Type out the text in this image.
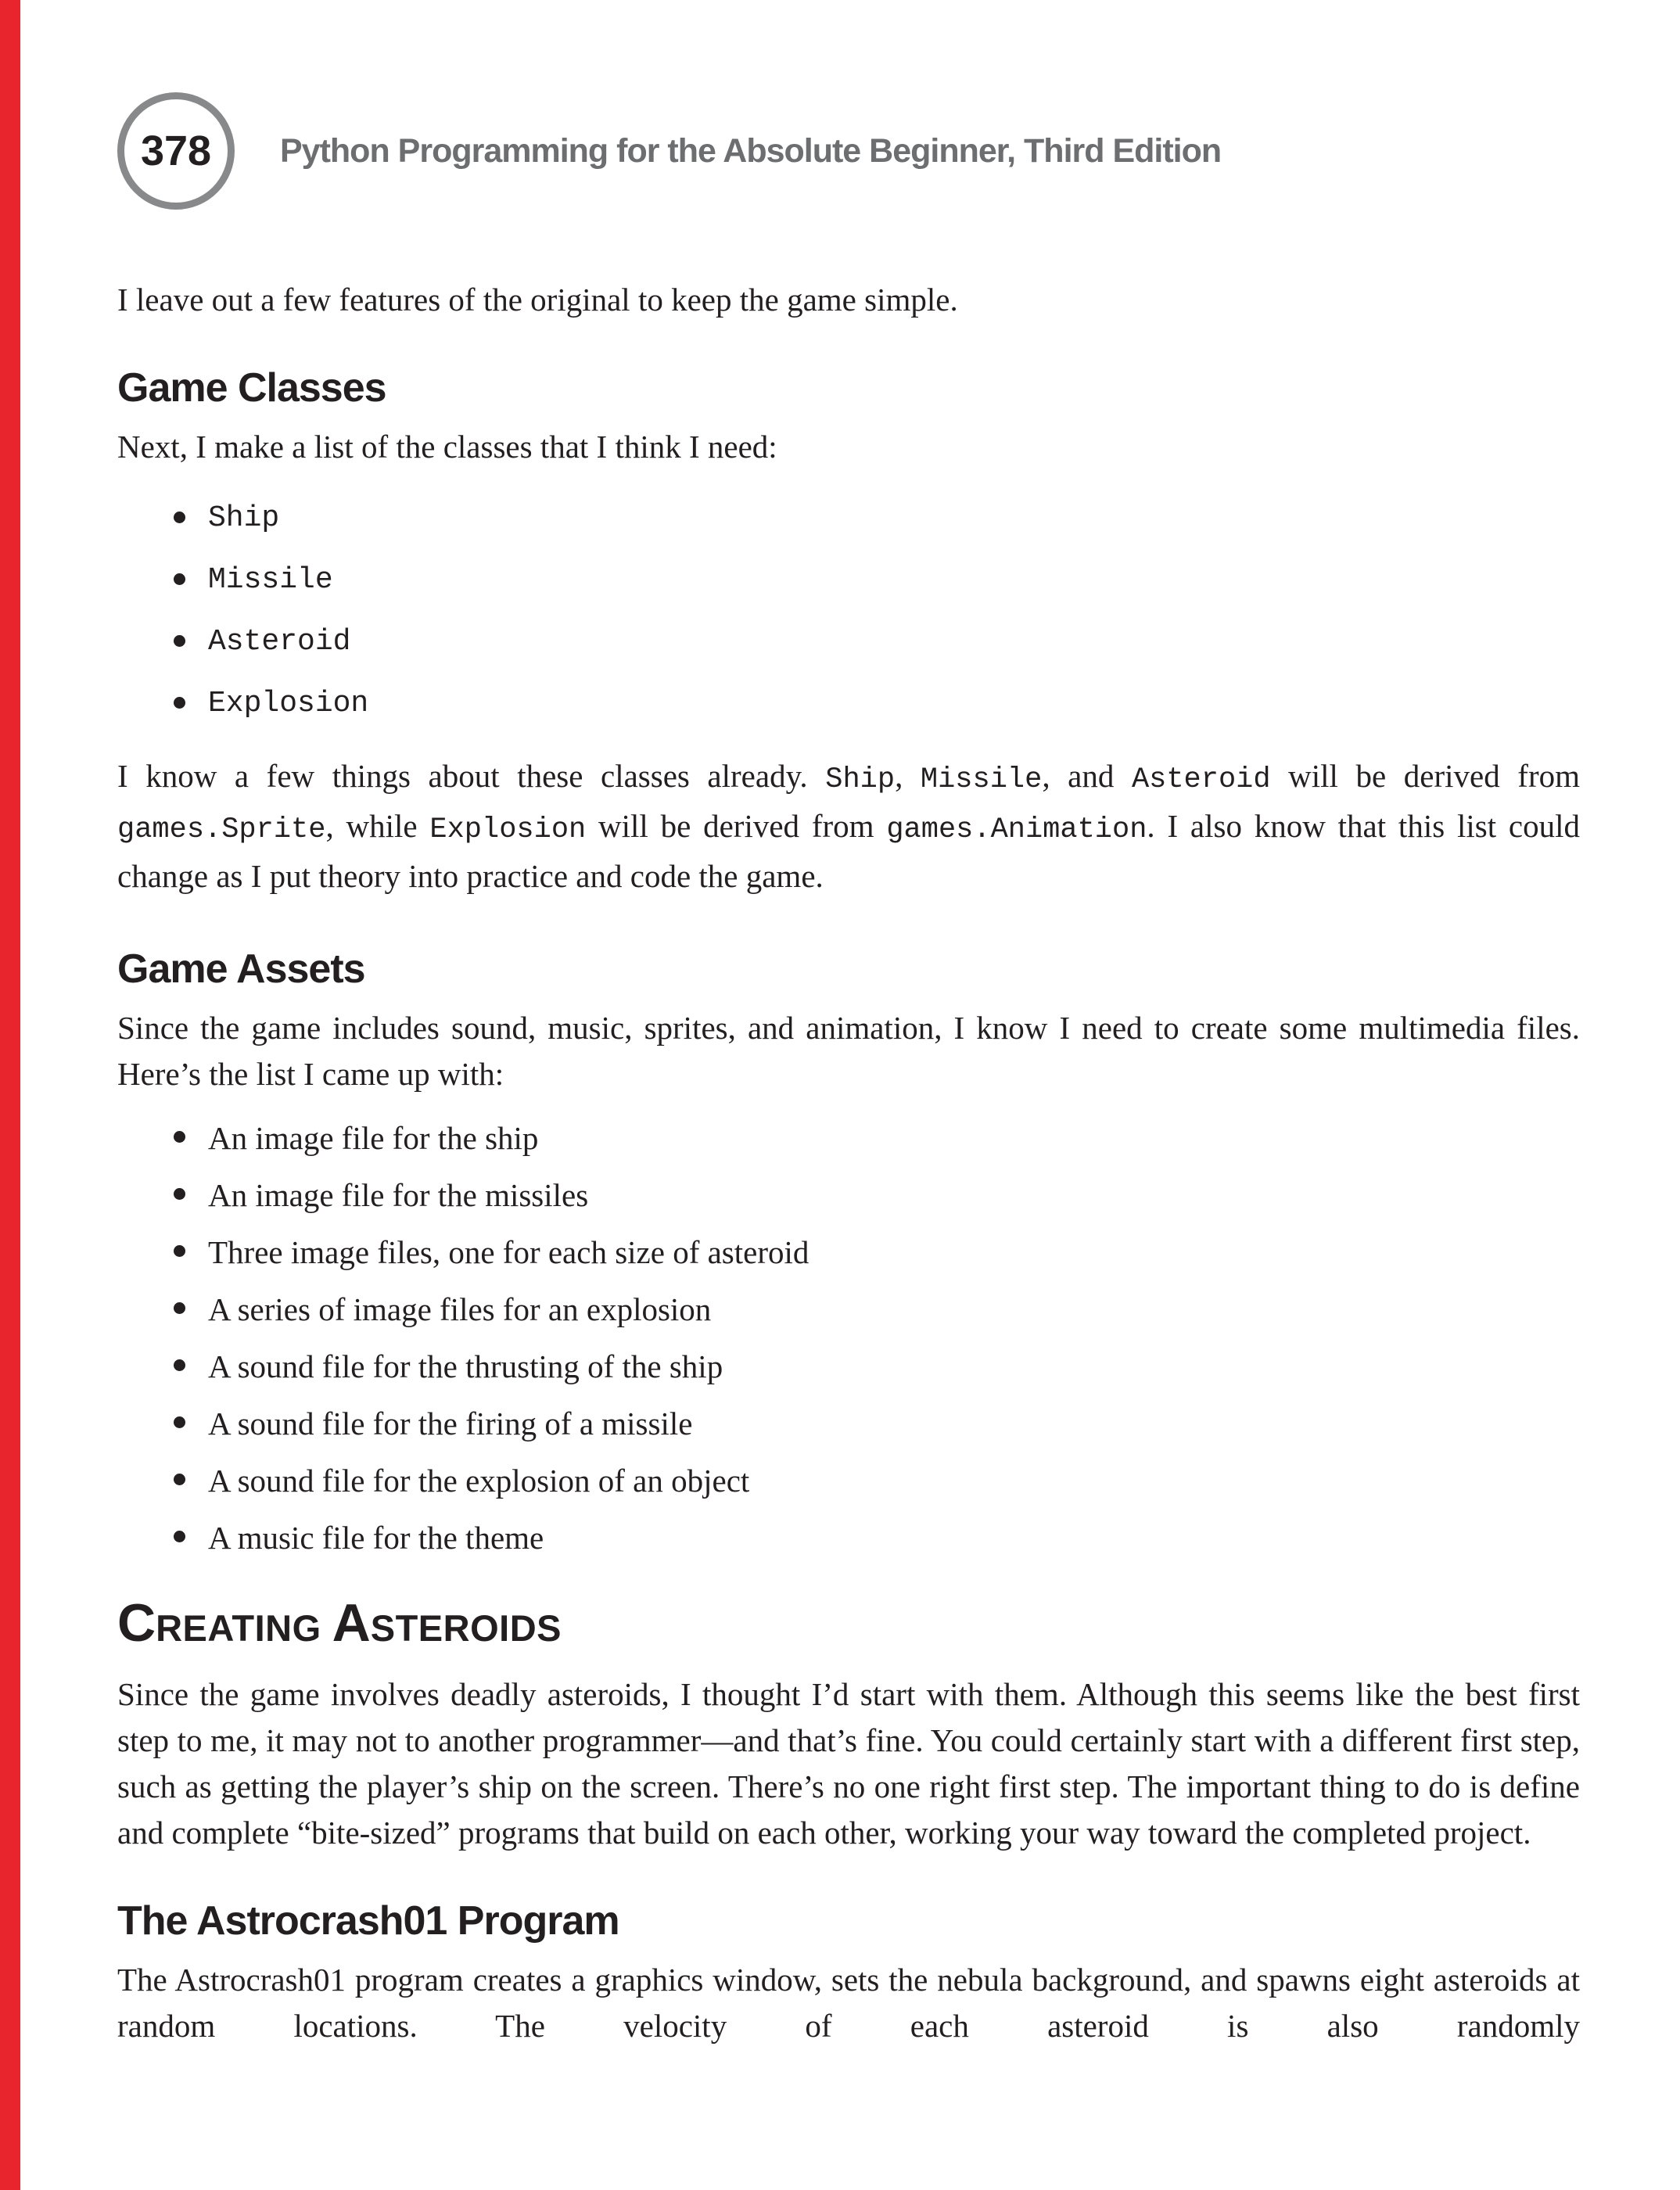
378 Python Programming for the Absolute Beginner, Third Edition

I leave out a few features of the original to keep the game simple.

Game Classes

Next, I make a list of the classes that I think I need:

Ship
Missile
Asteroid
Explosion

I know a few things about these classes already. Ship, Missile, and Asteroid will be derived from games.Sprite, while Explosion will be derived from games.Animation. I also know that this list could change as I put theory into practice and code the game.

Game Assets

Since the game includes sound, music, sprites, and animation, I know I need to create some multimedia files. Here’s the list I came up with:

An image file for the ship
An image file for the missiles
Three image files, one for each size of asteroid
A series of image files for an explosion
A sound file for the thrusting of the ship
A sound file for the firing of a missile
A sound file for the explosion of an object
A music file for the theme
CREATING ASTEROIDS

Since the game involves deadly asteroids, I thought I’d start with them. Although this seems like the best first step to me, it may not to another programmer—and that’s fine. You could certainly start with a different first step, such as getting the player’s ship on the screen. There’s no one right first step. The important thing to do is define and complete “bite-sized” programs that build on each other, working your way toward the completed project.

The Astrocrash01 Program

The Astrocrash01 program creates a graphics window, sets the nebula background, and spawns eight asteroids at random locations. The velocity of each asteroid is also randomly
